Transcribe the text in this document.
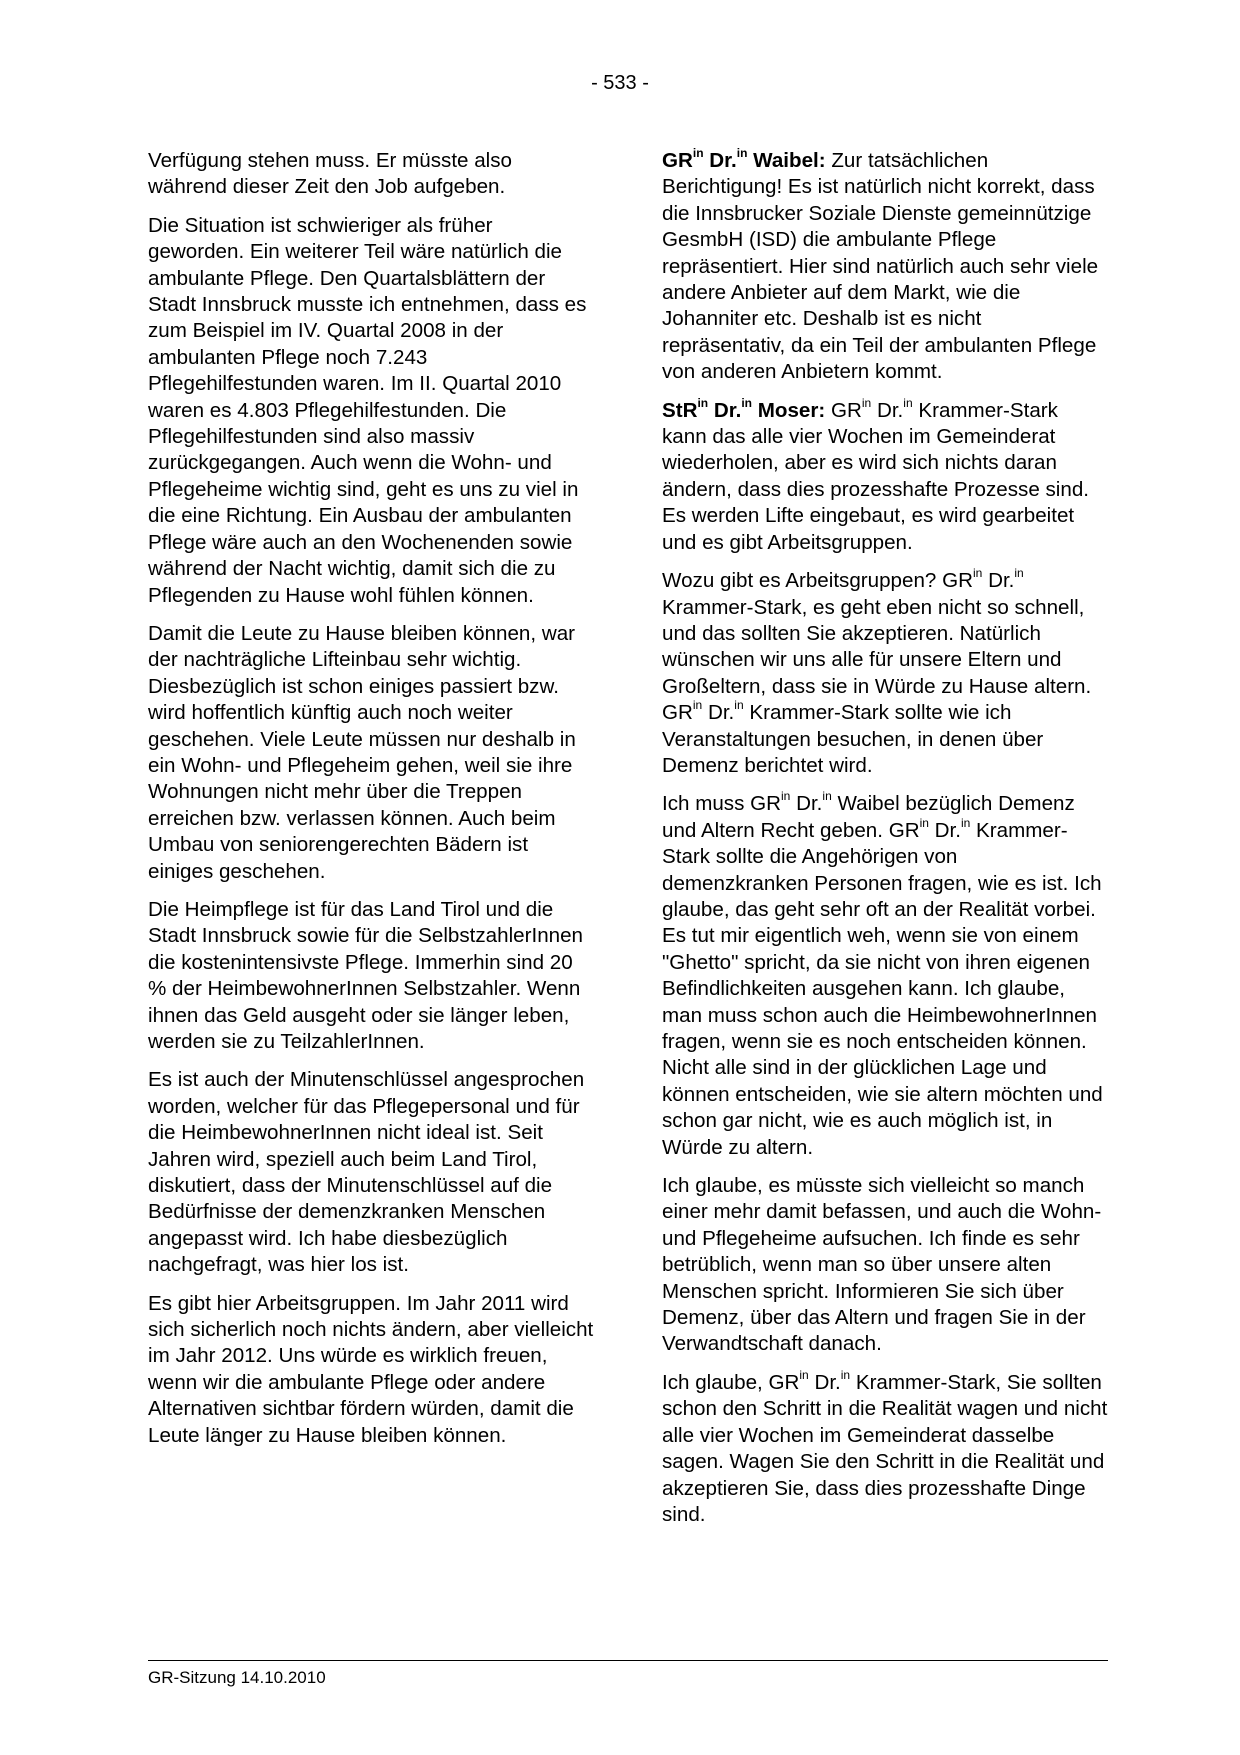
- 533 -

Verfügung stehen muss. Er müsste also während dieser Zeit den Job aufgeben.

Die Situation ist schwieriger als früher geworden. Ein weiterer Teil wäre natürlich die ambulante Pflege. Den Quartalsblättern der Stadt Innsbruck musste ich entnehmen, dass es zum Beispiel im IV. Quartal 2008 in der ambulanten Pflege noch 7.243 Pflegehilfestunden waren. Im II. Quartal 2010 waren es 4.803 Pflegehilfestunden. Die Pflegehilfestunden sind also massiv zurückgegangen. Auch wenn die Wohn- und Pflegeheime wichtig sind, geht es uns zu viel in die eine Richtung. Ein Ausbau der ambulanten Pflege wäre auch an den Wochenenden sowie während der Nacht wichtig, damit sich die zu Pflegenden zu Hause wohl fühlen können.

Damit die Leute zu Hause bleiben können, war der nachträgliche Lifteinbau sehr wichtig. Diesbezüglich ist schon einiges passiert bzw. wird hoffentlich künftig auch noch weiter geschehen. Viele Leute müssen nur deshalb in ein Wohn- und Pflegeheim gehen, weil sie ihre Wohnungen nicht mehr über die Treppen erreichen bzw. verlassen können. Auch beim Umbau von seniorengerechten Bädern ist einiges geschehen.

Die Heimpflege ist für das Land Tirol und die Stadt Innsbruck sowie für die SelbstzahlerInnen die kostenintensivste Pflege. Immerhin sind 20 % der HeimbewohnerInnen Selbstzahler. Wenn ihnen das Geld ausgeht oder sie länger leben, werden sie zu TeilzahlerInnen.

Es ist auch der Minutenschlüssel angesprochen worden, welcher für das Pflegepersonal und für die HeimbewohnerInnen nicht ideal ist. Seit Jahren wird, speziell auch beim Land Tirol, diskutiert, dass der Minutenschlüssel auf die Bedürfnisse der demenzkranken Menschen angepasst wird. Ich habe diesbezüglich nachgefragt, was hier los ist.

Es gibt hier Arbeitsgruppen. Im Jahr 2011 wird sich sicherlich noch nichts ändern, aber vielleicht im Jahr 2012. Uns würde es wirklich freuen, wenn wir die ambulante Pflege oder andere Alternativen sichtbar fördern würden, damit die Leute länger zu Hause bleiben können.

$GR^{in}$ Dr.$^{in}$ Waibel: Zur tatsächlichen Berichtigung! Es ist natürlich nicht korrekt, dass die Innsbrucker Soziale Dienste gemeinnützige GesmbH (ISD) die ambulante Pflege repräsentiert. Hier sind natürlich auch sehr viele andere Anbieter auf dem Markt, wie die Johanniter etc. Deshalb ist es nicht repräsentativ, da ein Teil der ambulanten Pflege von anderen Anbietern kommt.

StR$^{in}$ Dr.$^{in}$ Moser: $GR^{in}$ Dr.$^{in}$ Krammer-Stark kann das alle vier Wochen im Gemeinderat wiederholen, aber es wird sich nichts daran ändern, dass dies prozesshafte Prozesse sind. Es werden Lifte eingebaut, es wird gearbeitet und es gibt Arbeitsgruppen.

Wozu gibt es Arbeitsgruppen? $GR^{in}$ Dr.$^{in}$ Krammer-Stark, es geht eben nicht so schnell, und das sollten Sie akzeptieren. Natürlich wünschen wir uns alle für unsere Eltern und Großeltern, dass sie in Würde zu Hause altern. $GR^{in}$ Dr.$^{in}$ Krammer-Stark sollte wie ich Veranstaltungen besuchen, in denen über Demenz berichtet wird.

Ich muss $GR^{in}$ Dr.$^{in}$ Waibel bezüglich Demenz und Altern Recht geben. $GR^{in}$ Dr.$^{in}$ Krammer-Stark sollte die Angehörigen von demenzkranken Personen fragen, wie es ist. Ich glaube, das geht sehr oft an der Realität vorbei. Es tut mir eigentlich weh, wenn sie von einem "Ghetto" spricht, da sie nicht von ihren eigenen Befindlichkeiten ausgehen kann. Ich glaube, man muss schon auch die HeimbewohnerInnen fragen, wenn sie es noch entscheiden können. Nicht alle sind in der glücklichen Lage und können entscheiden, wie sie altern möchten und schon gar nicht, wie es auch möglich ist, in Würde zu altern.

Ich glaube, es müsste sich vielleicht so manch einer mehr damit befassen, und auch die Wohn- und Pflegeheime aufsuchen. Ich finde es sehr betrüblich, wenn man so über unsere alten Menschen spricht. Informieren Sie sich über Demenz, über das Altern und fragen Sie in der Verwandtschaft danach.

Ich glaube, $GR^{in}$ Dr.$^{in}$ Krammer-Stark, Sie sollten schon den Schritt in die Realität wagen und nicht alle vier Wochen im Gemeinderat dasselbe sagen. Wagen Sie den Schritt in die Realität und akzeptieren Sie, dass dies prozesshafte Dinge sind.

GR-Sitzung 14.10.2010
